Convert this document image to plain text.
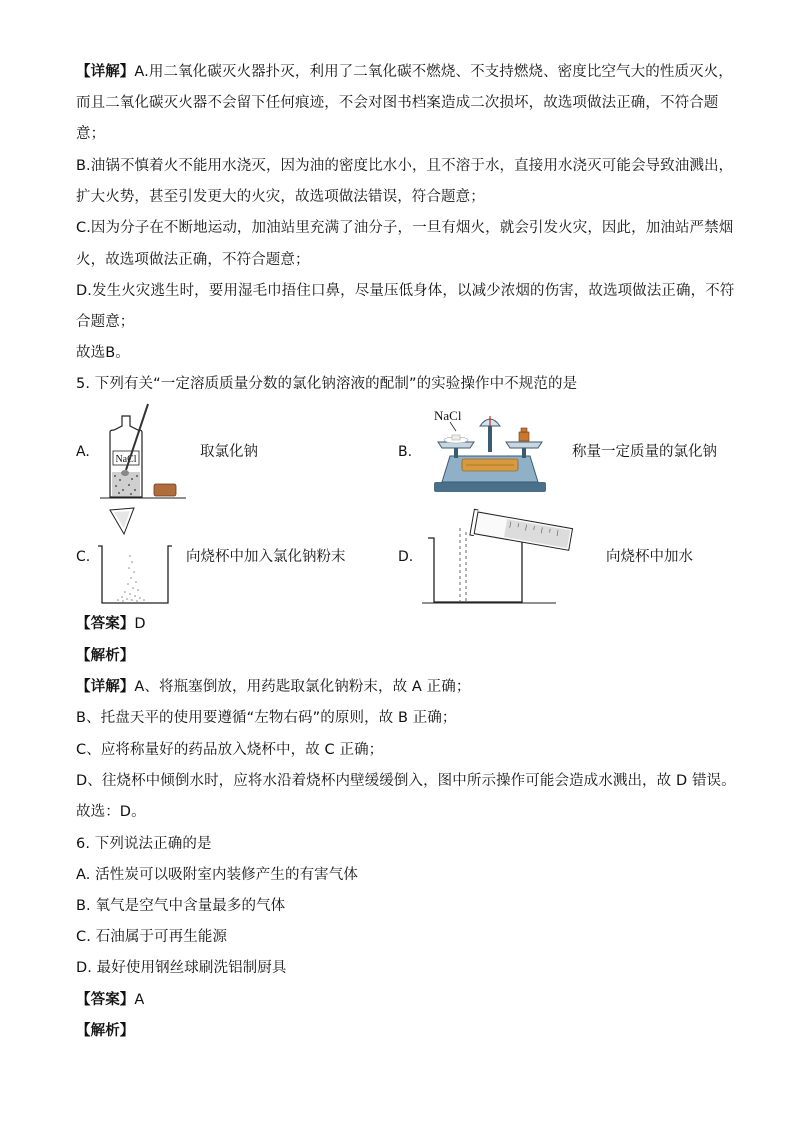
【详解】A.用二氧化碳灭火器扑灭，利用了二氧化碳不燃烧、不支持燃烧、密度比空气大的性质灭火，
而且二氧化碳灭火器不会留下任何痕迹，不会对图书档案造成二次损坏，故选项做法正确，不符合题
意；
B.油锅不慎着火不能用水浇灭，因为油的密度比水小，且不溶于水，直接用水浇灭可能会导致油溅出，
扩大火势，甚至引发更大的火灾，故选项做法错误，符合题意；
C.因为分子在不断地运动，加油站里充满了油分子，一旦有烟火，就会引发火灾，因此，加油站严禁烟
火，故选项做法正确，不符合题意；
D.发生火灾逃生时，要用湿毛巾捂住口鼻，尽量压低身体，以减少浓烟的伤害，故选项做法正确，不符
合题意；
故选B。
5. 下列有关“一定溶质质量分数的氯化钠溶液的配制”的实验操作中不规范的是
A.	NaCl	取氯化钠	B.
NaCl
称量一定质量的氯化钠
C.	向烧杯中加入氯化钠粉末	D.	向烧杯中加水
【答案】D
【解析】
【详解】A、将瓶塞倒放，用药匙取氯化钠粉末，故 A 正确；
B、托盘天平的使用要遵循“左物右码”的原则，故 B 正确；
C、应将称量好的药品放入烧杯中，故 C 正确；
D、往烧杯中倾倒水时，应将水沿着烧杯内壁缓缓倒入，图中所示操作可能会造成水溅出，故 D 错误。
故选：D。
6. 下列说法正确的是
A. 活性炭可以吸附室内装修产生的有害气体
B. 氧气是空气中含量最多的气体
C. 石油属于可再生能源
D. 最好使用钢丝球刷洗铝制厨具
【答案】A
【解析】
